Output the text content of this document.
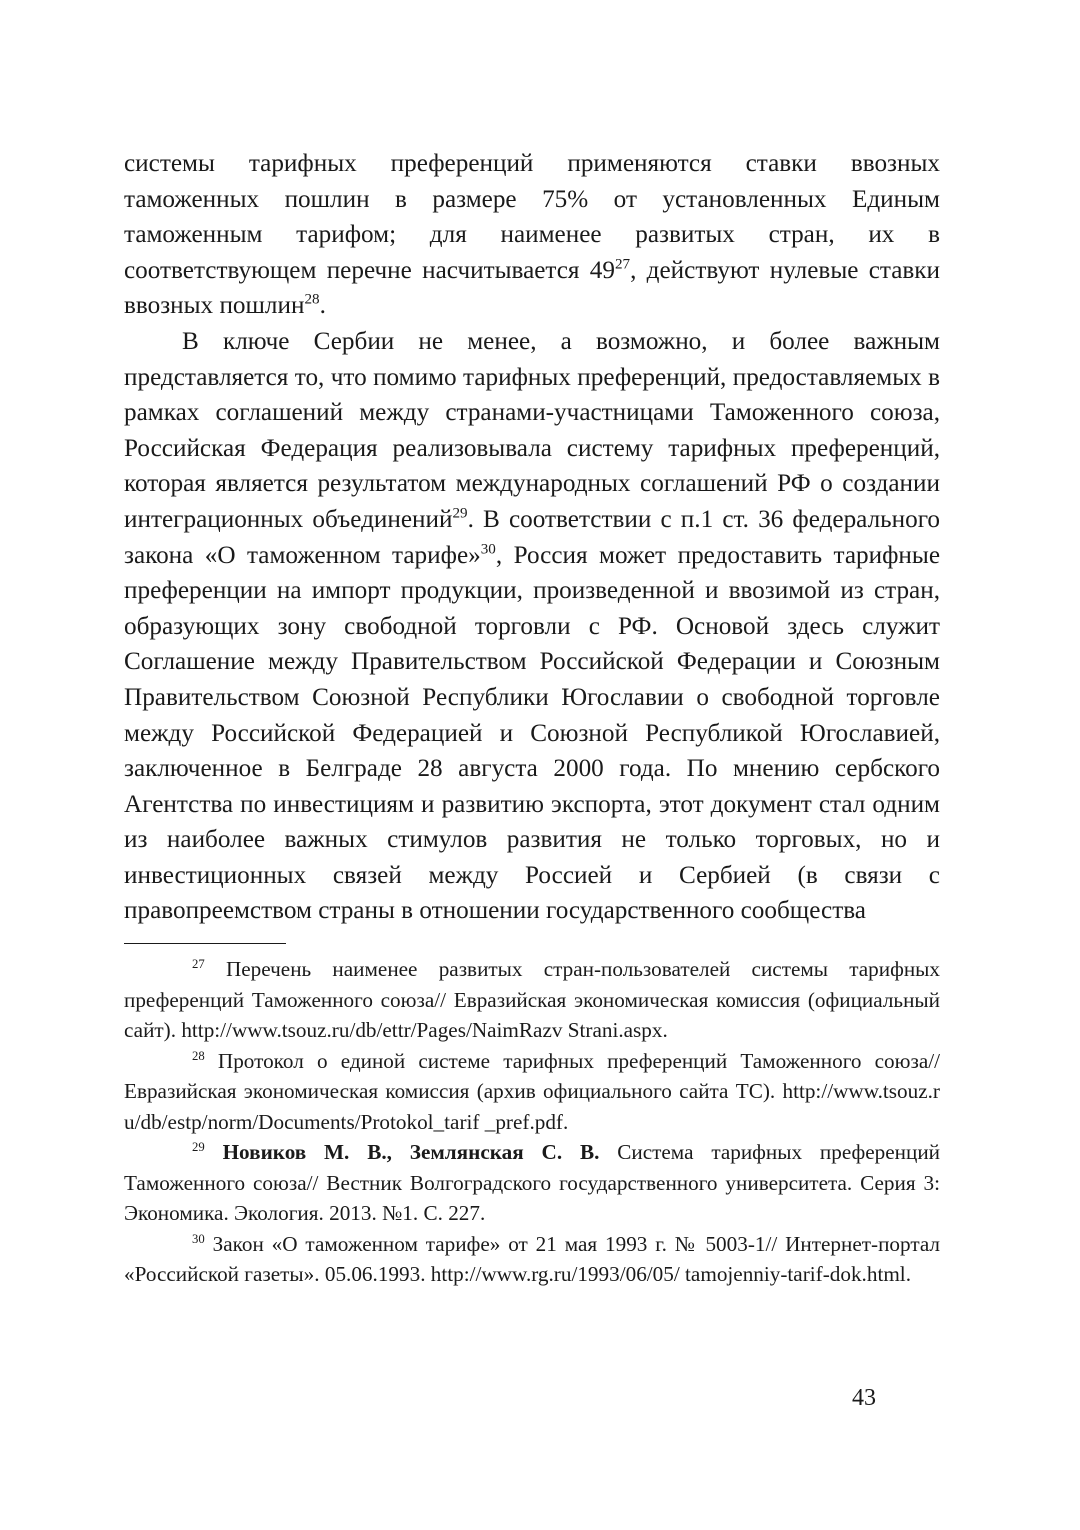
системы тарифных преференций применяются ставки ввозных таможенных пошлин в размере 75% от установленных Единым таможенным тарифом; для наименее развитых стран, их в соответствующем перечне насчитывается $49^{27}$, действуют нулевые ставки ввозных пошлин$^{28}$.

В ключе Сербии не менее, а возможно, и более важным представляется то, что помимо тарифных преференций, предоставляемых в рамках соглашений между странами-участницами Таможенного союза, Российская Федерация реализовывала систему тарифных преференций, которая является результатом международных соглашений РФ о создании интеграционных объединений$^{29}$. В соответствии с п.1 ст. 36 федерального закона «О таможенном тарифе»$^{30}$, Россия может предоставить тарифные преференции на импорт продукции, произведенной и ввозимой из стран, образующих зону свободной торговли с РФ. Основой здесь служит Соглашение между Правительством Российской Федерации и Союзным Правительством Союзной Республики Югославии о свободной торговле между Российской Федерацией и Союзной Республикой Югославией, заключенное в Белграде 28 августа 2000 года. По мнению сербского Агентства по инвестициям и развитию экспорта, этот документ стал одним из наиболее важных стимулов развития не только торговых, но и инвестиционных связей между Россией и Сербией (в связи с правопреемством страны в отношении государственного сообщества

$^{27}$ Перечень наименее развитых стран-пользователей системы тарифных преференций Таможенного союза// Евразийская экономическая комиссия (официальный сайт). http://www.tsouz.ru/db/ettr/Pages/NaimRazv Strani.aspx.

$^{28}$ Протокол о единой системе тарифных преференций Таможенного союза// Евразийская экономическая комиссия (архив официального сайта ТС). http://www.tsouz.ru/db/estp/norm/Documents/Protokol_tarif _pref.pdf.

$^{29}$ Новиков М. В., Землянская С. В. Система тарифных преференций Таможенного союза// Вестник Волгоградского государственного университета. Серия 3: Экономика. Экология. 2013. №1. С. 227.

$^{30}$ Закон «О таможенном тарифе» от 21 мая 1993 г. № 5003-1// Интернет-портал «Российской газеты». 05.06.1993. http://www.rg.ru/1993/06/05/ tamojenniy-tarif-dok.html.

43
